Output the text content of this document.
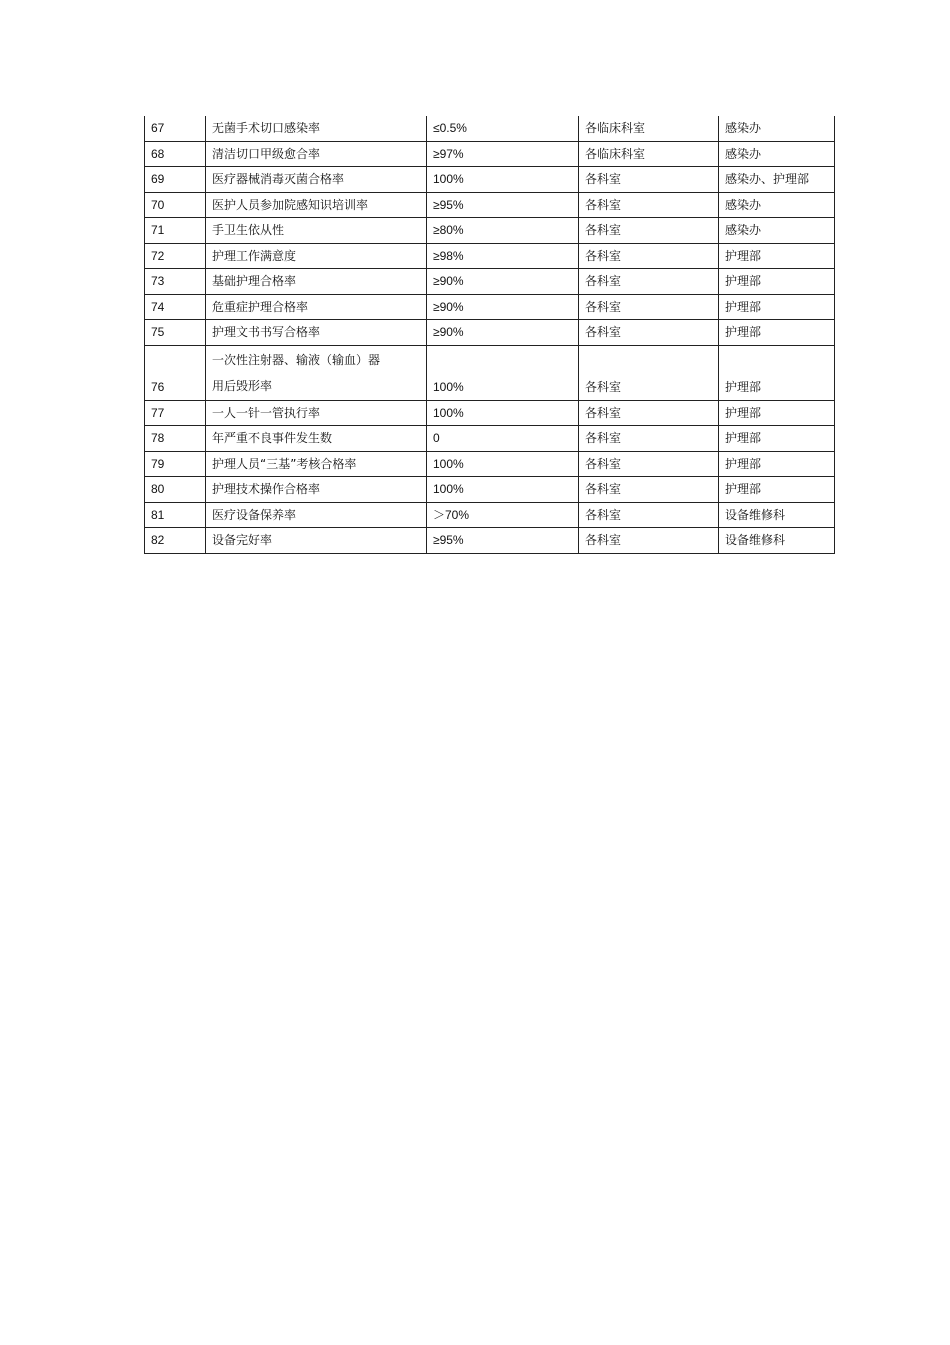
67	无菌手术切口感染率	≤0.5%	各临床科室	感染办
68	清洁切口甲级愈合率	≥97%	各临床科室	感染办
69	医疗器械消毒灭菌合格率	100%	各科室	感染办、护理部
70	医护人员参加院感知识培训率	≥95%	各科室	感染办
71	手卫生依从性	≥80%	各科室	感染办
72	护理工作满意度	≥98%	各科室	护理部
73	基础护理合格率	≥90%	各科室	护理部
74	危重症护理合格率	≥90%	各科室	护理部
75	护理文书书写合格率	≥90%	各科室	护理部
76	一次性注射器、输液（输血）器
用后毁形率	100%	各科室	护理部
77	一人一针一管执行率	100%	各科室	护理部
78	年严重不良事件发生数	0	各科室	护理部
79	护理人员“三基”考核合格率	100%	各科室	护理部
80	护理技术操作合格率	100%	各科室	护理部
81	医疗设备保养率	＞70%	各科室	设备维修科
82	设备完好率	≥95%	各科室	设备维修科
